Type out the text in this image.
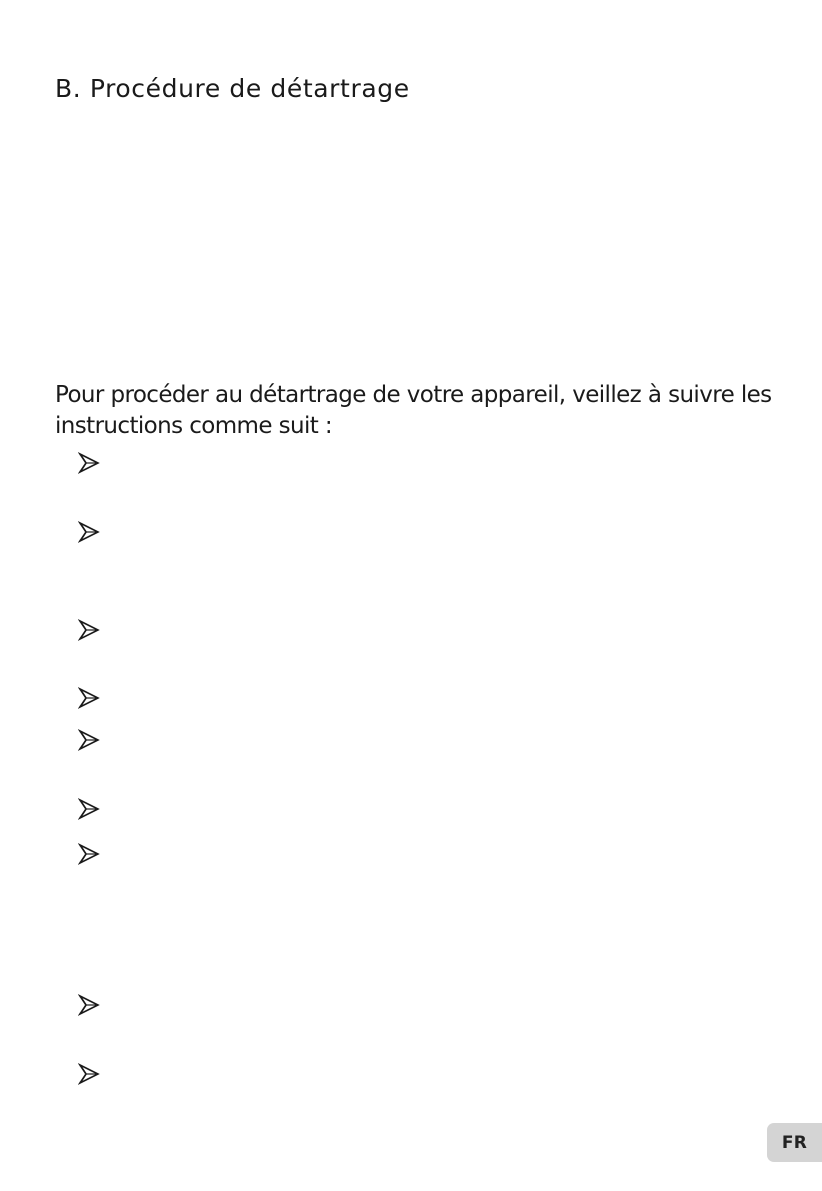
B. Procédure de détartrage

Pour procéder au détartrage de votre appareil, veillez à suivre les instructions comme suit :

FR
